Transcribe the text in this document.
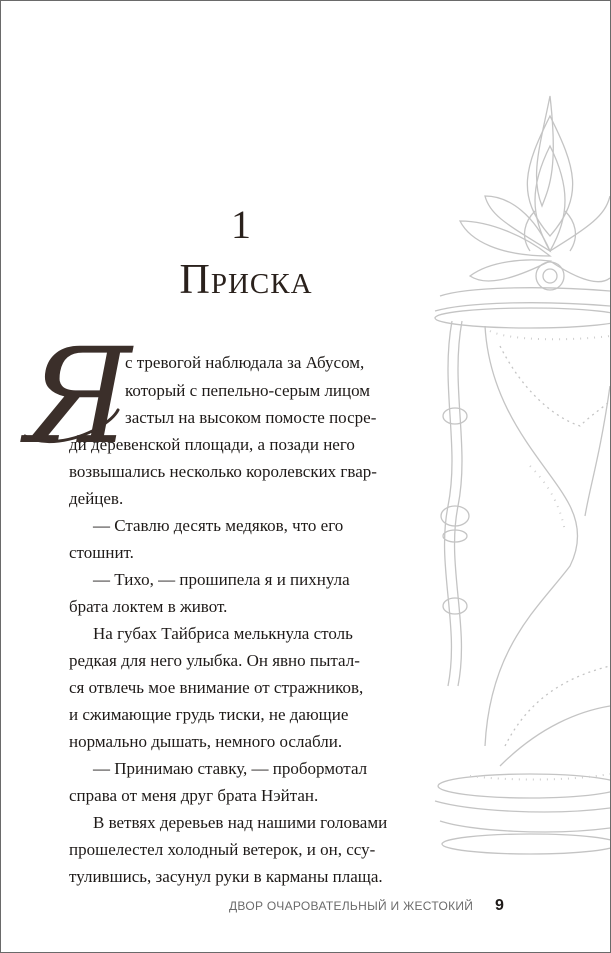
1
Приска
Я
с тревогой наблюдала за Абусом,
который с пепельно-серым лицом
застыл на высоком помосте посре-
ди деревенской площади, а позади него
возвышались несколько королевских гвар-
дейцев.
— Ставлю десять медяков, что его
стошнит.
— Тихо, — прошипела я и пихнула
брата локтем в живот.
На губах Тайбриса мелькнула столь
редкая для него улыбка. Он явно пытал-
ся отвлечь мое внимание от стражников,
и сжимающие грудь тиски, не дающие
нормально дышать, немного ослабли.
— Принимаю ставку, — пробормотал
справа от меня друг брата Нэйтан.
В ветвях деревьев над нашими головами
прошелестел холодный ветерок, и он, ссу-
тулившись, засунул руки в карманы плаща.
ДВОР ОЧАРОВАТЕЛЬНЫЙ И ЖЕСТОКИЙ 9
